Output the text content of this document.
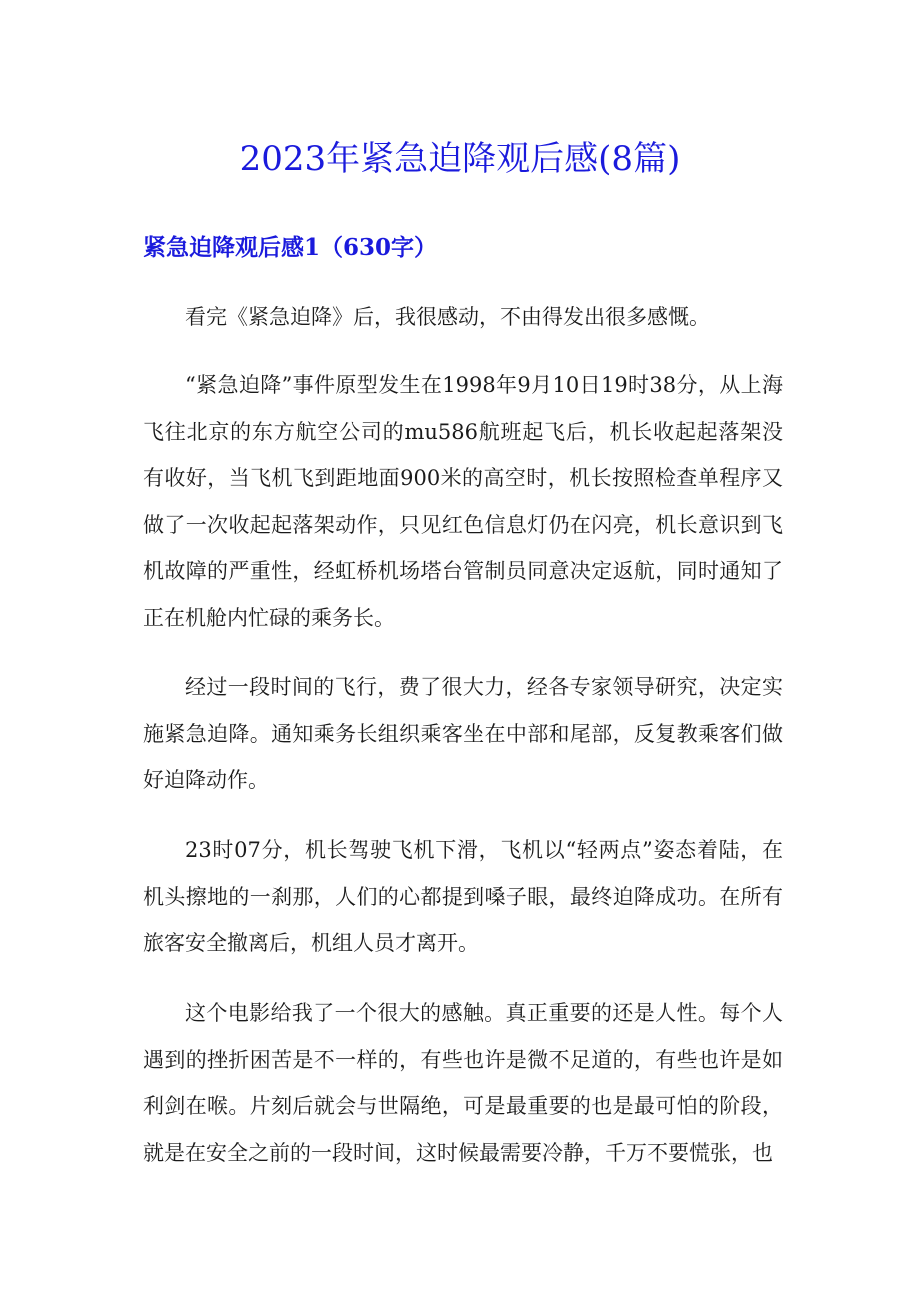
2023年紧急迫降观后感(8篇)
紧急迫降观后感1（630字）

看完《紧急迫降》后，我很感动，不由得发出很多感慨。

“紧急迫降”事件原型发生在1998年9月10日19时38分，从上海飞往北京的东方航空公司的mu586航班起飞后，机长收起起落架没有收好，当飞机飞到距地面900米的高空时，机长按照检查单程序又做了一次收起起落架动作，只见红色信息灯仍在闪亮，机长意识到飞机故障的严重性，经虹桥机场塔台管制员同意决定返航，同时通知了正在机舱内忙碌的乘务长。

经过一段时间的飞行，费了很大力，经各专家领导研究，决定实施紧急迫降。通知乘务长组织乘客坐在中部和尾部，反复教乘客们做好迫降动作。

23时07分，机长驾驶飞机下滑，飞机以“轻两点”姿态着陆，在机头擦地的一刹那，人们的心都提到嗓子眼，最终迫降成功。在所有旅客安全撤离后，机组人员才离开。

这个电影给我了一个很大的感触。真正重要的还是人性。每个人遇到的挫折困苦是不一样的，有些也许是微不足道的，有些也许是如利剑在喉。片刻后就会与世隔绝，可是最重要的也是最可怕的阶段，就是在安全之前的一段时间，这时候最需要冷静，千万不要慌张，也
